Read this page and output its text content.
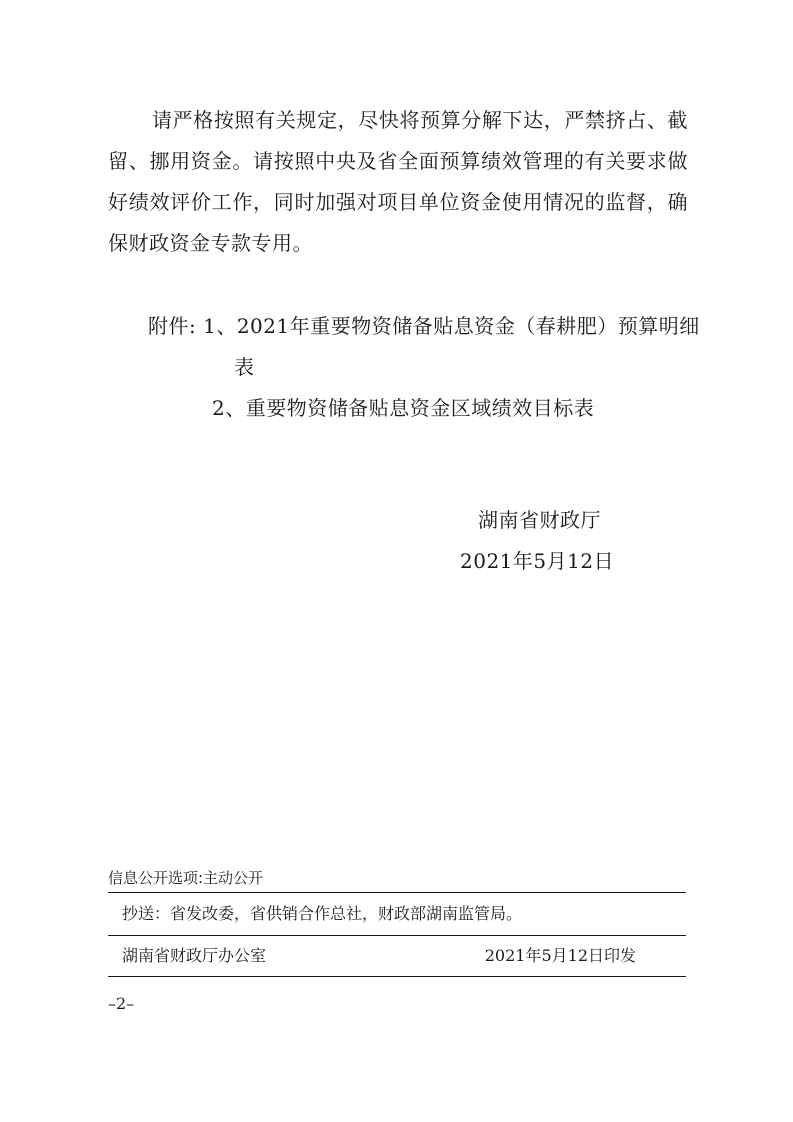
请严格按照有关规定，尽快将预算分解下达，严禁挤占、截留、挪用资金。请按照中央及省全面预算绩效管理的有关要求做好绩效评价工作，同时加强对项目单位资金使用情况的监督，确保财政资金专款专用。

附件: 1、2021年重要物资储备贴息资金（春耕肥）预算明细
表
2、重要物资储备贴息资金区域绩效目标表
湖南省财政厅
2021年5月12日
信息公开选项:主动公开
抄送：省发改委，省供销合作总社，财政部湖南监管局。
湖南省财政厅办公室	2021年5月12日印发
–2–
